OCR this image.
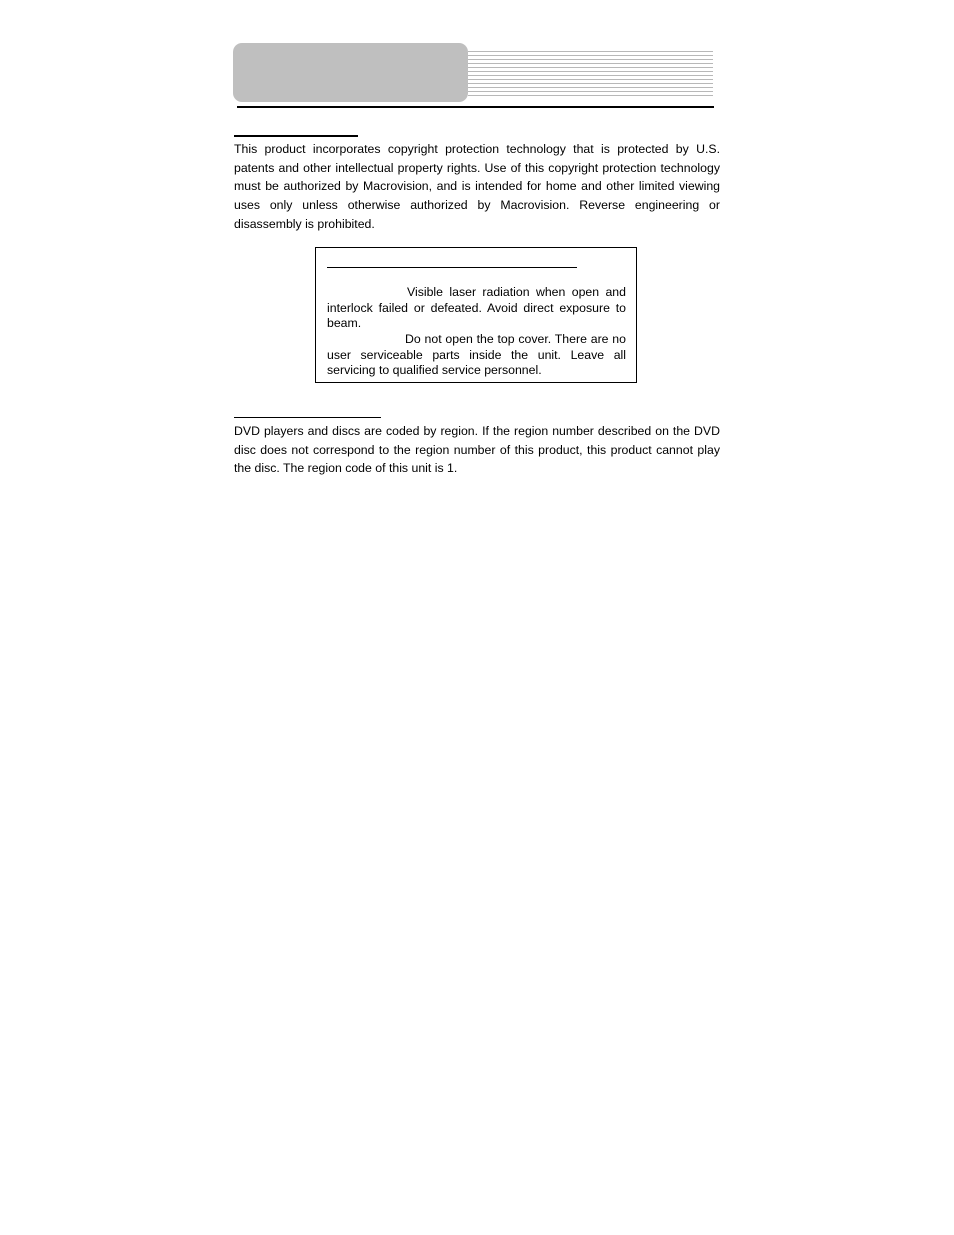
This product incorporates copyright protection technology that is protected by U.S. patents and other intellectual property rights. Use of this copyright protection technology must be authorized by Macrovision, and is intended for home and other limited viewing uses only unless otherwise authorized by Macrovision. Reverse engineering or disassembly is prohibited.

Visible laser radiation when open and interlock failed or defeated. Avoid direct exposure to beam.

Do not open the top cover. There are no user serviceable parts inside the unit. Leave all servicing to qualified service personnel.

DVD players and discs are coded by region. If the region number described on the DVD disc does not correspond to the region number of this product, this product cannot play the disc. The region code of this unit is 1.
